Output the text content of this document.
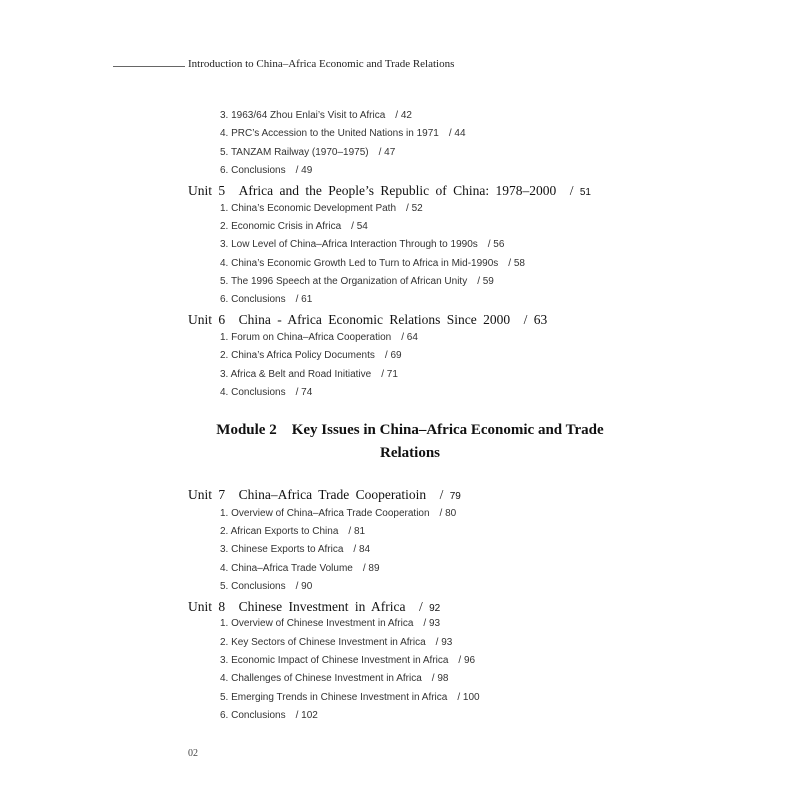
Introduction to China–Africa Economic and Trade Relations
3. 1963/64 Zhou Enlai’s Visit to Africa　/ 42
4. PRC’s Accession to the United Nations in 1971　/ 44
5. TANZAM Railway (1970–1975)　/ 47
6. Conclusions　/ 49
Unit 5　Africa and the People’s Republic of China: 1978–2000　/ 51
1. China’s Economic Development Path　/ 52
2. Economic Crisis in Africa　/ 54
3. Low Level of China–Africa Interaction Through to 1990s　/ 56
4. China’s Economic Growth Led to Turn to Africa in Mid-1990s　/ 58
5. The 1996 Speech at the Organization of African Unity　/ 59
6. Conclusions　/ 61
Unit 6　China - Africa Economic Relations Since 2000　/ 63
1. Forum on China–Africa Cooperation　/ 64
2. China’s Africa Policy Documents　/ 69
3. Africa & Belt and Road Initiative　/ 71
4. Conclusions　/ 74
Module 2　Key Issues in China–Africa Economic and Trade
Relations
Unit 7　China–Africa Trade Cooperatioin　/ 79
1. Overview of China–Africa Trade Cooperation　/ 80
2. African Exports to China　/ 81
3. Chinese Exports to Africa　/ 84
4. China–Africa Trade Volume　/ 89
5. Conclusions　/ 90
Unit 8　Chinese Investment in Africa　/ 92
1. Overview of Chinese Investment in Africa　/ 93
2. Key Sectors of Chinese Investment in Africa　/ 93
3. Economic Impact of Chinese Investment in Africa　/ 96
4. Challenges of Chinese Investment in Africa　/ 98
5. Emerging Trends in Chinese Investment in Africa　/ 100
6. Conclusions　/ 102
02
